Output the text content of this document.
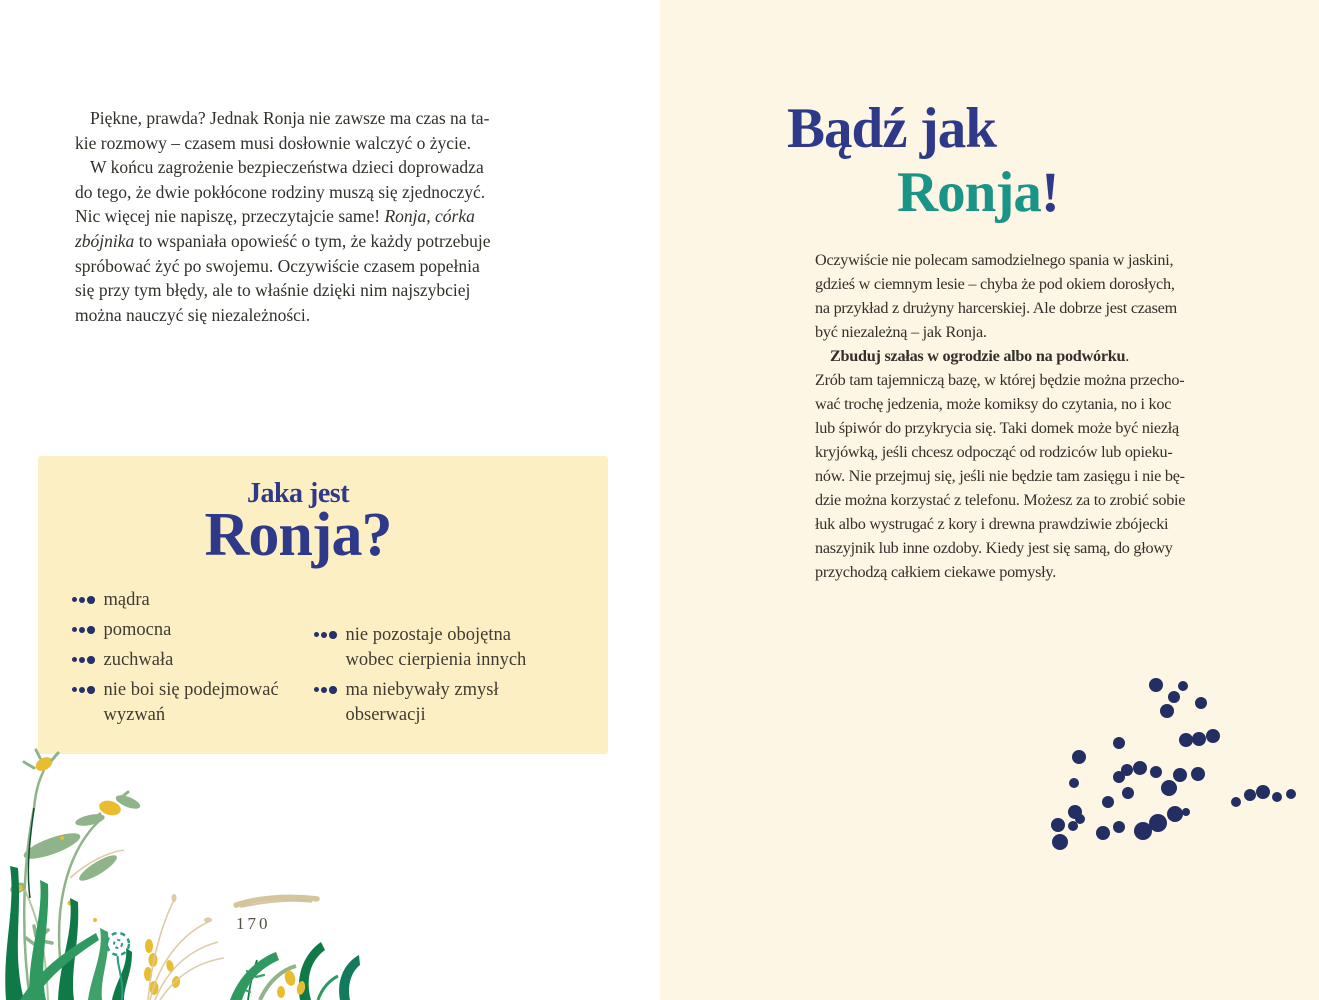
Piękne, prawda? Jednak Ronja nie zawsze ma czas na ta-
kie rozmowy – czasem musi dosłownie walczyć o życie.
W końcu zagrożenie bezpieczeństwa dzieci doprowadza
do tego, że dwie pokłócone rodziny muszą się zjednoczyć.
Nic więcej nie napiszę, przeczytajcie same! Ronja, córka
zbójnika to wspaniała opowieść o tym, że każdy potrzebuje
spróbować żyć po swojemu. Oczywiście czasem popełnia
się przy tym błędy, ale to właśnie dzięki nim najszybciej
można nauczyć się niezależności.
Jaka jest
Ronja?
mądra
pomocna
zuchwała
nie boi się podejmować wyzwań
nie pozostaje obojętna wobec cierpienia innych
ma niebywały zmysł obserwacji
170
Bądź jak
Ronja!
Oczywiście nie polecam samodzielnego spania w jaskini,
gdzieś w ciemnym lesie – chyba że pod okiem dorosłych,
na przykład z drużyny harcerskiej. Ale dobrze jest czasem
być niezależną – jak Ronja.
Zbuduj szałas w ogrodzie albo na podwórku.
Zrób tam tajemniczą bazę, w której będzie można przecho-
wać trochę jedzenia, może komiksy do czytania, no i koc
lub śpiwór do przykrycia się. Taki domek może być niezłą
kryjówką, jeśli chcesz odpocząć od rodziców lub opieku-
nów. Nie przejmuj się, jeśli nie będzie tam zasięgu i nie bę-
dzie można korzystać z telefonu. Możesz za to zrobić sobie
łuk albo wystrugać z kory i drewna prawdziwie zbójecki
naszyjnik lub inne ozdoby. Kiedy jest się samą, do głowy
przychodzą całkiem ciekawe pomysły.
